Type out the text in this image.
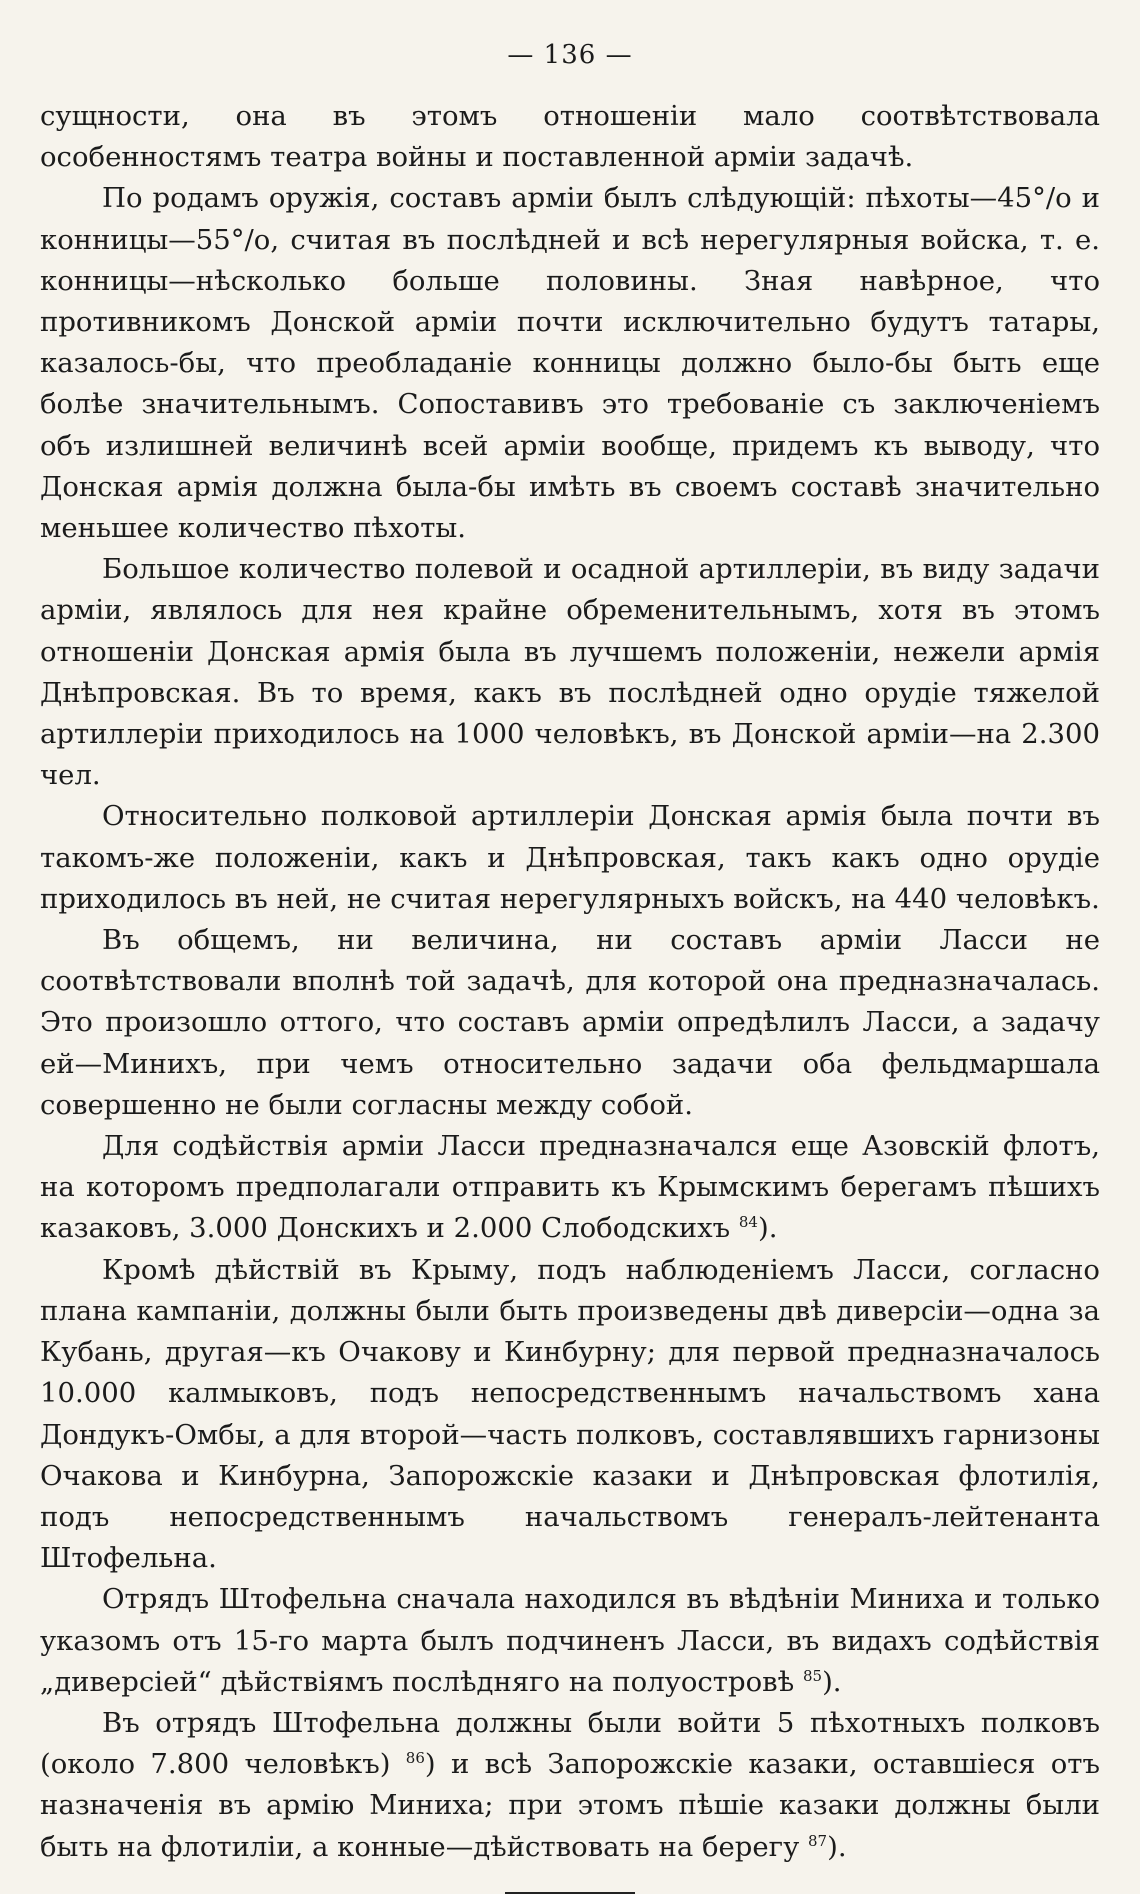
— 136 —

сущности, она въ этомъ отношенiи мало соотвѣтствовала особенностямъ театра войны и поставленной армiи задачѣ.

По родамъ оружiя, составъ армiи былъ слѣдующiй: пѣхоты—45°/о и конницы—55°/о, считая въ послѣдней и всѣ нерегулярныя войска, т. е. конницы—нѣсколько больше половины. Зная навѣрное, что противникомъ Донской армiи почти исключительно будутъ татары, казалось-бы, что преобладанiе конницы должно было-бы быть еще болѣе значительнымъ. Сопоставивъ это требованiе съ заключенiемъ объ излишней величинѣ всей армiи вообще, придемъ къ выводу, что Донская армiя должна была-бы имѣть въ своемъ составѣ значительно меньшее количество пѣхоты.

Большое количество полевой и осадной артиллерiи, въ виду задачи армiи, являлось для нея крайне обременительнымъ, хотя въ этомъ отношенiи Донская армiя была въ лучшемъ положенiи, нежели армiя Днѣпровская. Въ то время, какъ въ послѣдней одно орудiе тяжелой артиллерiи приходилось на 1000 человѣкъ, въ Донской армiи—на 2.300 чел.

Относительно полковой артиллерiи Донская армiя была почти въ такомъ-же положенiи, какъ и Днѣпровская, такъ какъ одно орудiе приходилось въ ней, не считая нерегулярныхъ войскъ, на 440 человѣкъ.

Въ общемъ, ни величина, ни составъ армiи Ласси не соотвѣтствовали вполнѣ той задачѣ, для которой она предназначалась. Это произошло оттого, что составъ армiи опредѣлилъ Ласси, а задачу ей—Минихъ, при чемъ относительно задачи оба фельдмаршала совершенно не были согласны между собой.

Для содѣйствiя армiи Ласси предназначался еще Азовскiй флотъ, на которомъ предполагали отправить къ Крымскимъ берегамъ пѣшихъ казаковъ, 3.000 Донскихъ и 2.000 Слободскихъ $^{84}$).

Кромѣ дѣйствiй въ Крыму, подъ наблюденiемъ Ласси, согласно плана кампанiи, должны были быть произведены двѣ диверсiи—одна за Кубань, другая—къ Очакову и Кинбурну; для первой предназначалось 10.000 калмыковъ, подъ непосредственнымъ начальствомъ хана Дондукъ-Омбы, а для второй—часть полковъ, составлявшихъ гарнизоны Очакова и Кинбурна, Запорожскiе казаки и Днѣпровская флотилiя, подъ непосредственнымъ начальствомъ генералъ-лейтенанта Штофельна.

Отрядъ Штофельна сначала находился въ вѣдѣнiи Миниха и только указомъ отъ 15-го марта былъ подчиненъ Ласси, въ видахъ содѣйствiя „диверсiей“ дѣйствiямъ послѣдняго на полуостровѣ $^{85}$).

Въ отрядъ Штофельна должны были войти 5 пѣхотныхъ полковъ (около 7.800 человѣкъ) $^{86}$) и всѣ Запорожскiе казаки, оставшiеся отъ назначенiя въ армiю Миниха; при этомъ пѣшiе казаки должны были быть на флотилiи, а конные—дѣйствовать на берегу $^{87}$).
